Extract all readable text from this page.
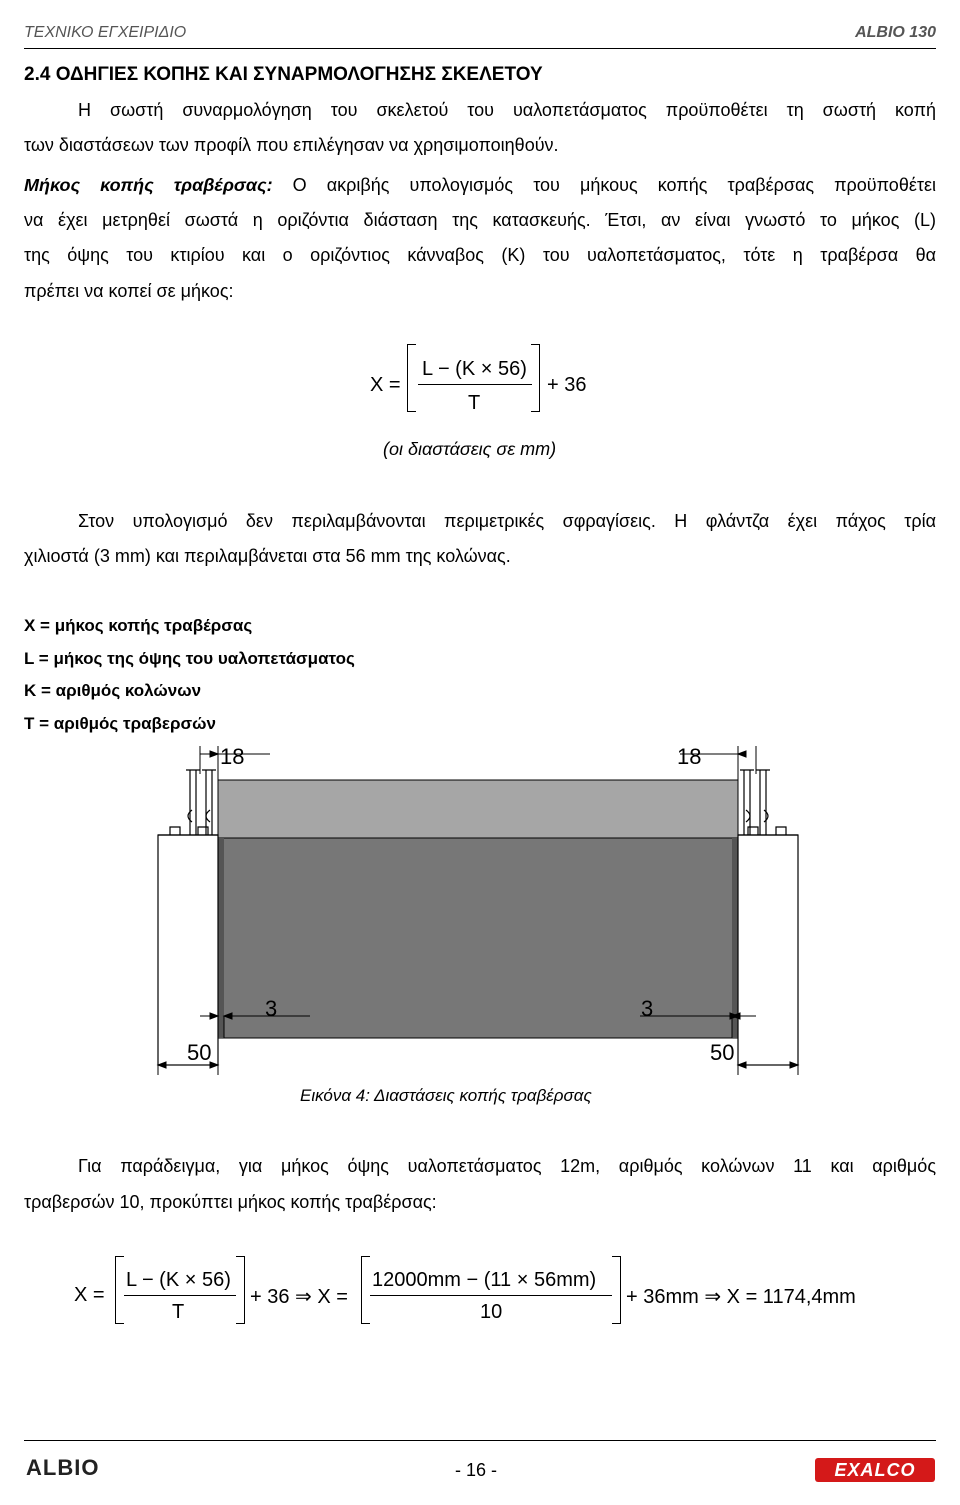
ΤΕΧΝΙΚΟ ΕΓΧΕΙΡΙΔΙΟ	ALBIO 130
2.4 ΟΔΗΓΙΕΣ ΚΟΠΗΣ ΚΑΙ ΣΥΝΑΡΜΟΛΟΓΗΣΗΣ ΣΚΕΛΕΤΟΥ
Η σωστή συναρμολόγηση του σκελετού του υαλοπετάσματος προϋποθέτει τη σωστή κοπή
των διαστάσεων των προφίλ που επιλέγησαν να χρησιμοποιηθούν.
Μήκος κοπής τραβέρσας: Ο ακριβής υπολογισμός του μήκους κοπής τραβέρσας προϋποθέτει
να έχει μετρηθεί σωστά η οριζόντια διάσταση της κατασκευής. Έτσι, αν είναι γνωστό το μήκος (L)
της όψης του κτιρίου και ο οριζόντιος κάνναβος (Κ) του υαλοπετάσματος, τότε η τραβέρσα θα
πρέπει να κοπεί σε μήκος:
X =
L − (K × 56)
T
+ 36
(οι διαστάσεις σε mm)
Στον υπολογισμό δεν περιλαμβάνονται περιμετρικές σφραγίσεις. Η φλάντζα έχει πάχος τρία
χιλιοστά (3 mm) και περιλαμβάνεται στα 56 mm της κολώνας.
X = μήκος κοπής τραβέρσας
L = μήκος της όψης του υαλοπετάσματος
K = αριθμός κολώνων
T = αριθμός τραβερσών
18	18
3	3
50	50
Εικόνα 4: Διαστάσεις κοπής τραβέρσας
Για παράδειγμα, για μήκος όψης υαλοπετάσματος 12m, αριθμός κολώνων 11 και αριθμός
τραβερσών 10, προκύπτει μήκος κοπής τραβέρσας:
X =
L − (K × 56)
T
+ 36 ⇒ X =
12000mm − (11 × 56mm)
10
+ 36mm ⇒ X = 1174,4mm
ALBIO	- 16 -	EXALCO
